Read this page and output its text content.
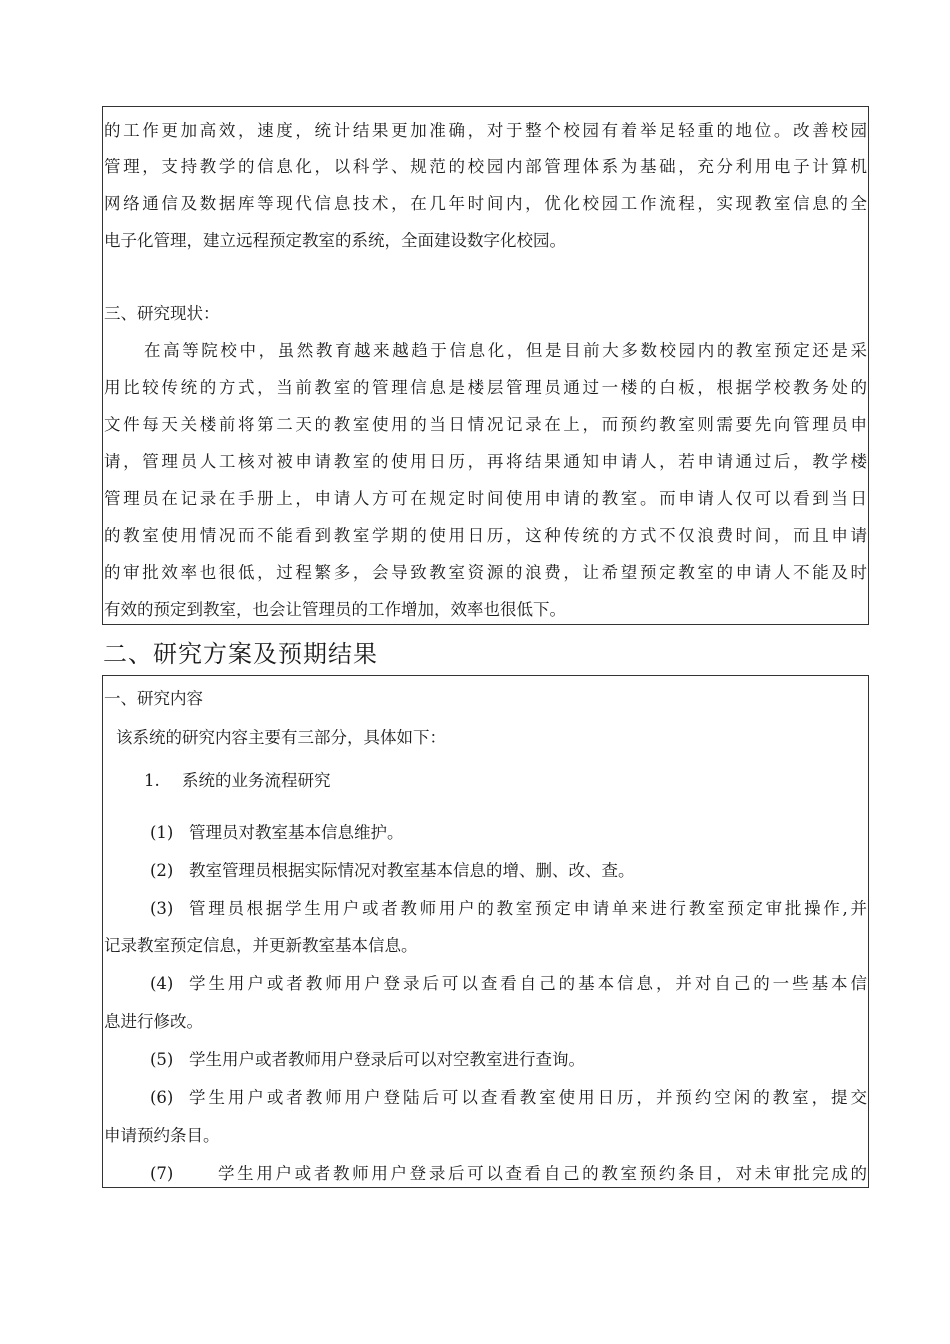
的工作更加高效，速度，统计结果更加准确，对于整个校园有着举足轻重的地位。改善校园
管理，支持教学的信息化，以科学、规范的校园内部管理体系为基础，充分利用电子计算机
网络通信及数据库等现代信息技术，在几年时间内，优化校园工作流程，实现教室信息的全
电子化管理，建立远程预定教室的系统，全面建设数字化校园。
三、研究现状：
在高等院校中，虽然教育越来越趋于信息化，但是目前大多数校园内的教室预定还是采
用比较传统的方式，当前教室的管理信息是楼层管理员通过一楼的白板，根据学校教务处的
文件每天关楼前将第二天的教室使用的当日情况记录在上，而预约教室则需要先向管理员申
请，管理员人工核对被申请教室的使用日历，再将结果通知申请人，若申请通过后，教学楼
管理员在记录在手册上，申请人方可在规定时间使用申请的教室。而申请人仅可以看到当日
的教室使用情况而不能看到教室学期的使用日历，这种传统的方式不仅浪费时间，而且申请
的审批效率也很低，过程繁多，会导致教室资源的浪费，让希望预定教室的申请人不能及时
有效的预定到教室，也会让管理员的工作增加，效率也很低下。
二、研究方案及预期结果
一、研究内容
该系统的研究内容主要有三部分，具体如下：
1. 系统的业务流程研究
(1) 管理员对教室基本信息维护。
(2) 教室管理员根据实际情况对教室基本信息的增、删、改、查。
(3) 管理员根据学生用户或者教师用户的教室预定申请单来进行教室预定审批操作,并
记录教室预定信息，并更新教室基本信息。
(4) 学生用户或者教师用户登录后可以查看自己的基本信息，并对自己的一些基本信
息进行修改。
(5) 学生用户或者教师用户登录后可以对空教室进行查询。
(6) 学生用户或者教师用户登陆后可以查看教室使用日历，并预约空闲的教室，提交
申请预约条目。
(7)	学生用户或者教师用户登录后可以查看自己的教室预约条目，对未审批完成的
